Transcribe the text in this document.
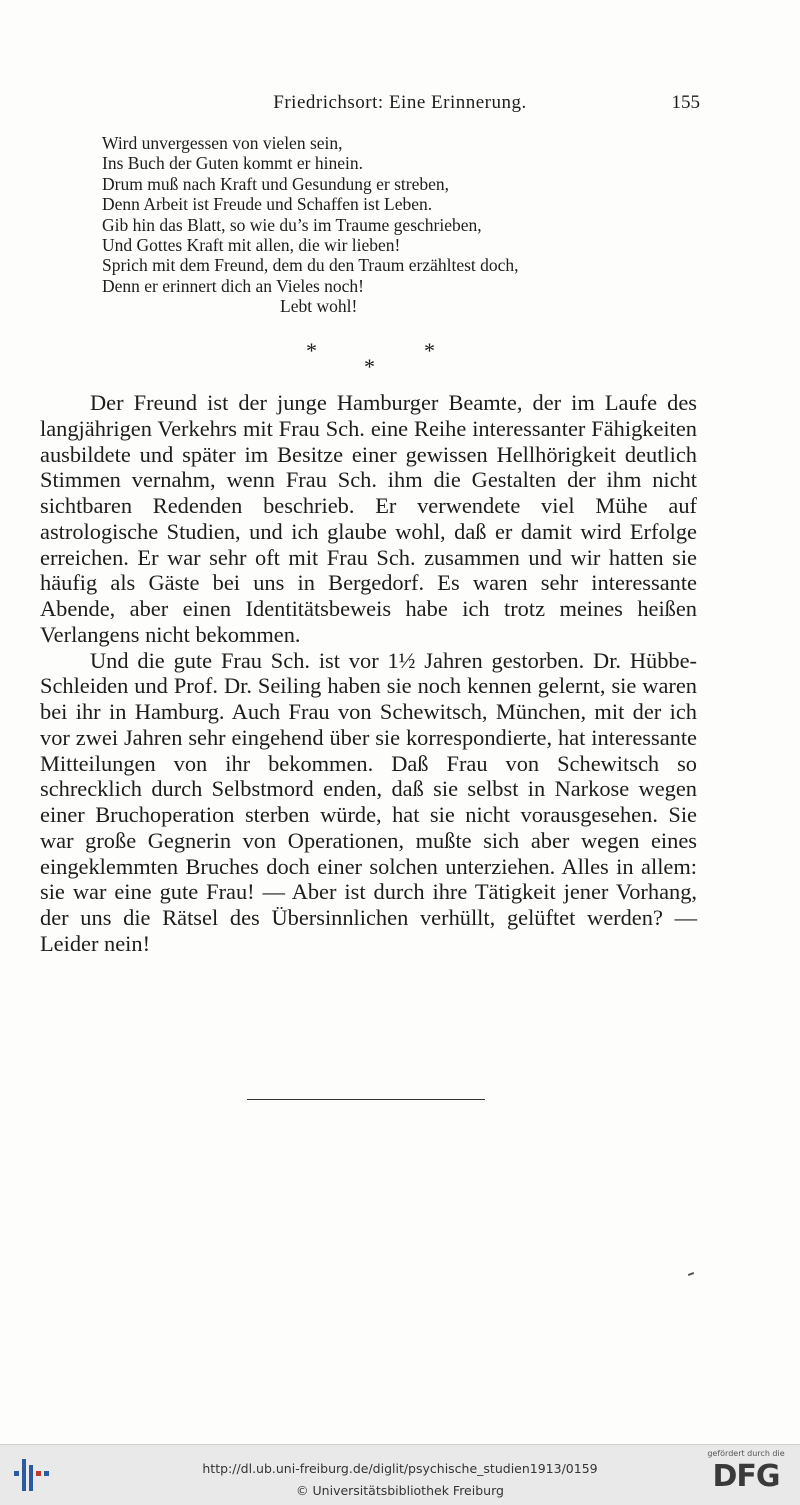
Friedrichsort: Eine Erinnerung.	155
Wird unvergessen von vielen sein,
Ins Buch der Guten kommt er hinein.
Drum muß nach Kraft und Gesundung er streben,
Denn Arbeit ist Freude und Schaffen ist Leben.
Gib hin das Blatt, so wie du’s im Traume geschrieben,
Und Gottes Kraft mit allen, die wir lieben!
Sprich mit dem Freund, dem du den Traum erzähltest doch,
Denn er erinnert dich an Vieles noch!
Lebt wohl!
*	*
*

Der Freund ist der junge Hamburger Beamte, der im Laufe des langjährigen Verkehrs mit Frau Sch. eine Reihe interessanter Fähigkeiten ausbildete und später im Besitze einer gewissen Hellhörigkeit deutlich Stimmen vernahm, wenn Frau Sch. ihm die Gestalten der ihm nicht sichtbaren Redenden beschrieb. Er verwendete viel Mühe auf astrologische Studien, und ich glaube wohl, daß er damit wird Erfolge erreichen. Er war sehr oft mit Frau Sch. zusammen und wir hatten sie häufig als Gäste bei uns in Bergedorf. Es waren sehr interessante Abende, aber einen Identitätsbeweis habe ich trotz meines heißen Verlangens nicht bekommen.

Und die gute Frau Sch. ist vor 1½ Jahren gestorben. Dr. Hübbe-Schleiden und Prof. Dr. Seiling haben sie noch kennen gelernt, sie waren bei ihr in Hamburg. Auch Frau von Schewitsch, München, mit der ich vor zwei Jahren sehr eingehend über sie korrespondierte, hat interessante Mitteilungen von ihr bekommen. Daß Frau von Schewitsch so schrecklich durch Selbstmord enden, daß sie selbst in Narkose wegen einer Bruchoperation sterben würde, hat sie nicht vorausgesehen. Sie war große Gegnerin von Operationen, mußte sich aber wegen eines eingeklemmten Bruches doch einer solchen unterziehen. Alles in allem: sie war eine gute Frau! — Aber ist durch ihre Tätigkeit jener Vorhang, der uns die Rätsel des Übersinnlichen verhüllt, gelüftet werden? — Leider nein!

http://dl.ub.uni-freiburg.de/diglit/psychische_studien1913/0159
© Universitätsbibliothek Freiburg
gefördert durch die
DFG
